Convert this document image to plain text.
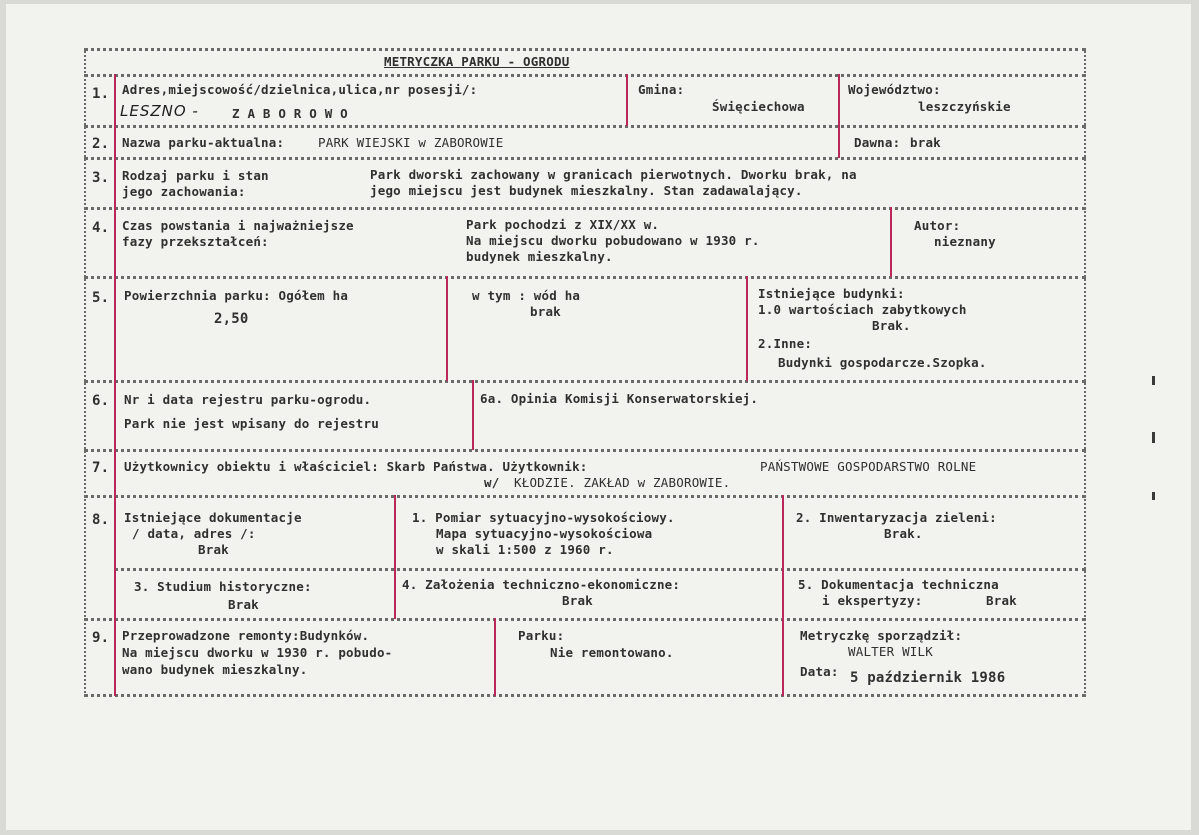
METRYCZKA PARKU - OGRODU
1. Adres,miejscowość/dzielnica,ulica,nr posesji/:
LESZNO -	Z A B O R O W O
Gmina:
Święciechowa
Województwo:
leszczyńskie
2. Nazwa parku-aktualna:	PARK WIEJSKI w ZABOROWIE	Dawna: brak
3. Rodzaj parku i stan
jego zachowania:
Park dworski zachowany w granicach pierwotnych. Dworku brak, na
jego miejscu jest budynek mieszkalny. Stan zadawalający.
4. Czas powstania i najważniejsze
fazy przekształceń:
Park pochodzi z XIX/XX w.
Na miejscu dworku pobudowano w 1930 r.
budynek mieszkalny.
Autor:
nieznany
5. Powierzchnia parku: Ogółem ha
2,50
w tym : wód ha
brak
Istniejące budynki:
1.0 wartościach zabytkowych
Brak.
2.Inne:
Budynki gospodarcze.Szopka.
6. Nr i data rejestru parku-ogrodu.
Park nie jest wpisany do rejestru
6a. Opinia Komisji Konserwatorskiej.
7. Użytkownicy obiektu i właściciel: Skarb Państwa. Użytkownik:	PAŃSTWOWE GOSPODARSTWO ROLNE
w/ KŁODZIE. ZAKŁAD w ZABOROWIE.
8. Istniejące dokumentacje
/ data, adres /:
Brak
1. Pomiar sytuacyjno-wysokościowy.
Mapa sytuacyjno-wysokościowa
w skali 1:500 z 1960 r.
2. Inwentaryzacja zieleni:
Brak.
3. Studium historyczne:
Brak
4. Założenia techniczno-ekonomiczne:
Brak
5. Dokumentacja techniczna
i ekspertyzy:	Brak
9. Przeprowadzone remonty:Budynków.
Na miejscu dworku w 1930 r. pobudo-
wano budynek mieszkalny.
Parku:
Nie remontowano.
Metryczkę sporządził:
WALTER WILK
Data: 5 październik 1986
